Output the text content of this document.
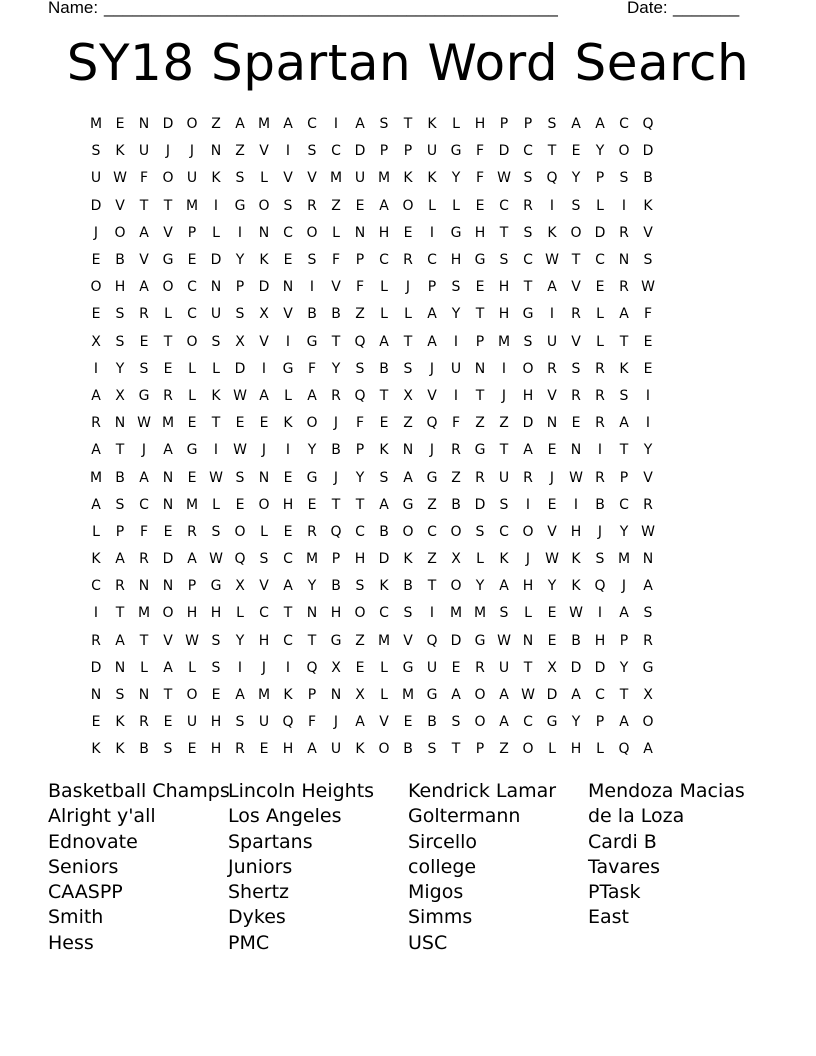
Name: ________________________________________________	Date: _______
SY18 Spartan Word Search
M E	N D O Z	A M A	C	I	A	S	T	K	L	H	P	P	S	A	A	C Q
S	K	U	J	J	N Z	V	I	S	C D	P	P	U G	F	D C	T	E	Y	O D
U W F	O U	K	S	L	V	V M U M K	K	Y	F W S	Q	Y	P	S	B
D V	T	T M	I	G O	S	R	Z	E	A O	L	L	E	C	R	I	S	L	I	K
J	O A	V	P	L	I	N C O	L	N H	E	I	G H	T	S	K O D R	V
E	B	V G	E	D	Y	K	E	S	F	P	C	R	C H G	S	C W T	C N	S
O H A O C N	P	D N	I	V	F	L	J	P	S	E	H	T	A	V	E	R W
E	S	R	L	C U	S	X	V	B	B	Z	L	L	A	Y	T	H G	I	R	L	A	F
X	S	E	T	O	S	X	V	I	G	T	Q A	T	A	I	P M S	U	V	L	T	E
I	Y	S	E	L	L	D	I	G	F	Y	S	B	S	J	U N	I	O R	S	R	K	E
A	X G R	L	K W A	L	A	R Q	T	X	V	I	T	J	H V	R	R	S	I
R N W M E	T	E	E	K O	J	F	E	Z Q	F	Z	Z D N	E	R	A	I
A	T	J	A G	I	W	J	I	Y	B	P	K	N	J	R G	T	A	E	N	I	T	Y
M B	A N	E W S	N	E	G	J	Y	S	A G Z	R	U	R	J	W R	P	V
A	S	C N M	L	E	O H	E	T	T	A G Z	B D	S	I	E	I	B	C	R
L	P	F	E	R	S	O	L	E	R Q C	B O C O	S	C O V H	J	Y W
K	A	R D A W Q	S	C M P	H D	K	Z	X	L	K	J	W K	S M N
C	R N N	P	G X	V	A	Y	B	S	K	B	T	O	Y	A H	Y	K Q	J	A
I	T M O H H	L	C	T	N H O C	S	I	M M S	L	E W	I	A	S
R	A	T	V W S	Y	H C	T	G Z M V Q D G W N	E	B H	P	R
D N	L	A	L	S	I	J	I	Q X	E	L	G U	E	R	U	T	X D D	Y	G
N	S	N	T	O	E	A M K	P	N X	L	M G A O A W D A	C	T	X
E	K	R	E	U H	S	U Q	F	J	A	V	E	B	S	O A	C G	Y	P	A O
K	K	B	S	E	H R	E	H A	U	K O B	S	T	P	Z O	L	H	L	Q A
Basketball Champs
Alright y'all
Ednovate
Seniors
CAASPP
Smith
Hess
Lincoln Heights
Los Angeles
Spartans
Juniors
Shertz
Dykes
PMC
Kendrick Lamar
Goltermann
Sircello
college
Migos
Simms
USC
Mendoza Macias
de la Loza
Cardi B
Tavares
PTask
East
